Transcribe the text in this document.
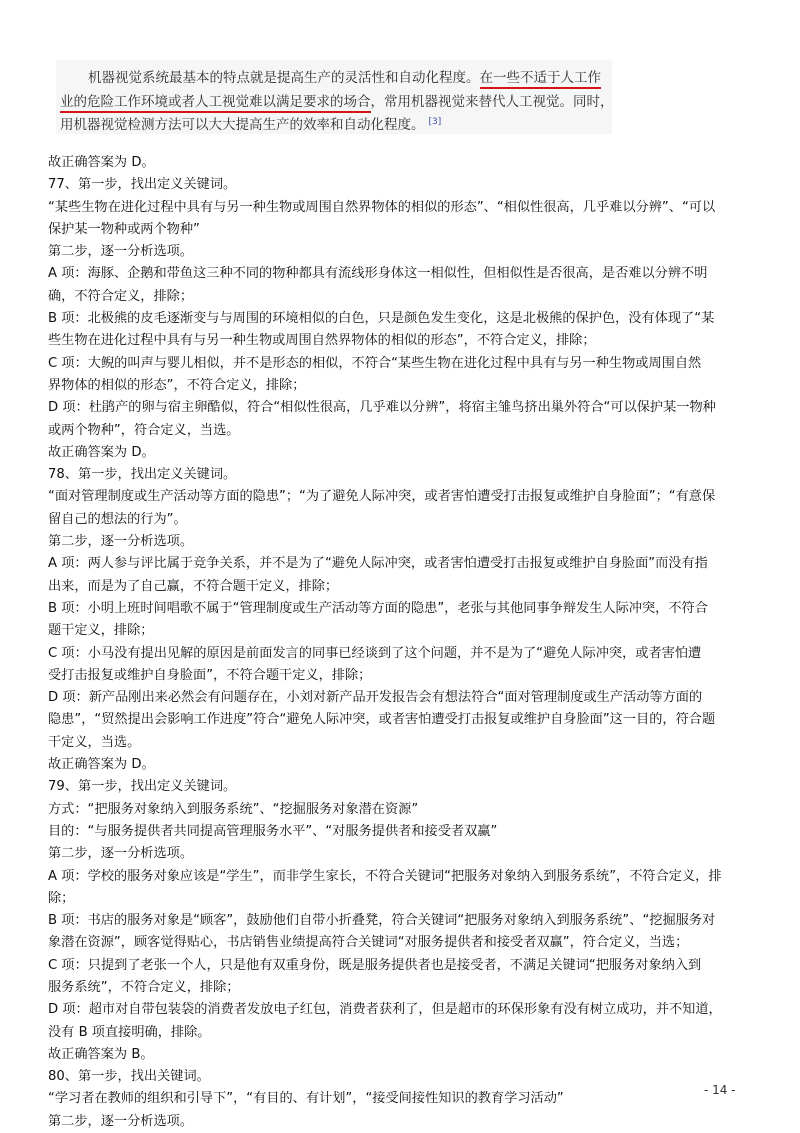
机器视觉系统最基本的特点就是提高生产的灵活性和自动化程度。在一些不适于人工作
业的危险工作环境或者人工视觉难以满足要求的场合，常用机器视觉来替代人工视觉。同时，
用机器视觉检测方法可以大大提高生产的效率和自动化程度。 [3]

故正确答案为 D。

77、第一步，找出定义关键词。

“某些生物在进化过程中具有与另一种生物或周围自然界物体的相似的形态”、“相似性很高，几乎难以分辨”、“可以

保护某一物种或两个物种”

第二步，逐一分析选项。

A 项：海豚、企鹅和带鱼这三种不同的物种都具有流线形身体这一相似性，但相似性是否很高，是否难以分辨不明

确，不符合定义，排除；

B 项：北极熊的皮毛逐渐变与与周围的环境相似的白色，只是颜色发生变化，这是北极熊的保护色，没有体现了“某

些生物在进化过程中具有与另一种生物或周围自然界物体的相似的形态”，不符合定义，排除；

C 项：大鲵的叫声与婴儿相似，并不是形态的相似，不符合“某些生物在进化过程中具有与另一种生物或周围自然

界物体的相似的形态”，不符合定义，排除；

D 项：杜鹃产的卵与宿主卵酷似，符合“相似性很高，几乎难以分辨”，将宿主雏鸟挤出巢外符合“可以保护某一物种

或两个物种”，符合定义，当选。

故正确答案为 D。

78、第一步，找出定义关键词。

“面对管理制度或生产活动等方面的隐患”；“为了避免人际冲突，或者害怕遭受打击报复或维护自身脸面”；“有意保

留自己的想法的行为”。

第二步，逐一分析选项。

A 项：两人参与评比属于竞争关系，并不是为了“避免人际冲突，或者害怕遭受打击报复或维护自身脸面”而没有指

出来，而是为了自己赢，不符合题干定义，排除；

B 项：小明上班时间唱歌不属于“管理制度或生产活动等方面的隐患”，老张与其他同事争辩发生人际冲突，不符合

题干定义，排除；

C 项：小马没有提出见解的原因是前面发言的同事已经谈到了这个问题，并不是为了“避免人际冲突，或者害怕遭

受打击报复或维护自身脸面”，不符合题干定义，排除；

D 项：新产品刚出来必然会有问题存在，小刘对新产品开发报告会有想法符合“面对管理制度或生产活动等方面的

隐患”，“贸然提出会影响工作进度”符合“避免人际冲突，或者害怕遭受打击报复或维护自身脸面”这一目的，符合题

干定义，当选。

故正确答案为 D。

79、第一步，找出定义关键词。

方式：“把服务对象纳入到服务系统”、“挖掘服务对象潜在资源”

目的：“与服务提供者共同提高管理服务水平”、“对服务提供者和接受者双赢”

第二步，逐一分析选项。

A 项：学校的服务对象应该是“学生”，而非学生家长，不符合关键词“把服务对象纳入到服务系统”，不符合定义，排

除；

B 项：书店的服务对象是“顾客”，鼓励他们自带小折叠凳，符合关键词“把服务对象纳入到服务系统”、“挖掘服务对

象潜在资源”，顾客觉得贴心，书店销售业绩提高符合关键词“对服务提供者和接受者双赢”，符合定义，当选；

C 项：只提到了老张一个人，只是他有双重身份，既是服务提供者也是接受者，不满足关键词“把服务对象纳入到

服务系统”，不符合定义，排除；

D 项：超市对自带包装袋的消费者发放电子红包，消费者获利了，但是超市的环保形象有没有树立成功，并不知道，

没有 B 项直接明确，排除。

故正确答案为 B。

80、第一步，找出关键词。

“学习者在教师的组织和引导下”，“有目的、有计划”，“接受间接性知识的教育学习活动”

第二步，逐一分析选项。

- 14 -
